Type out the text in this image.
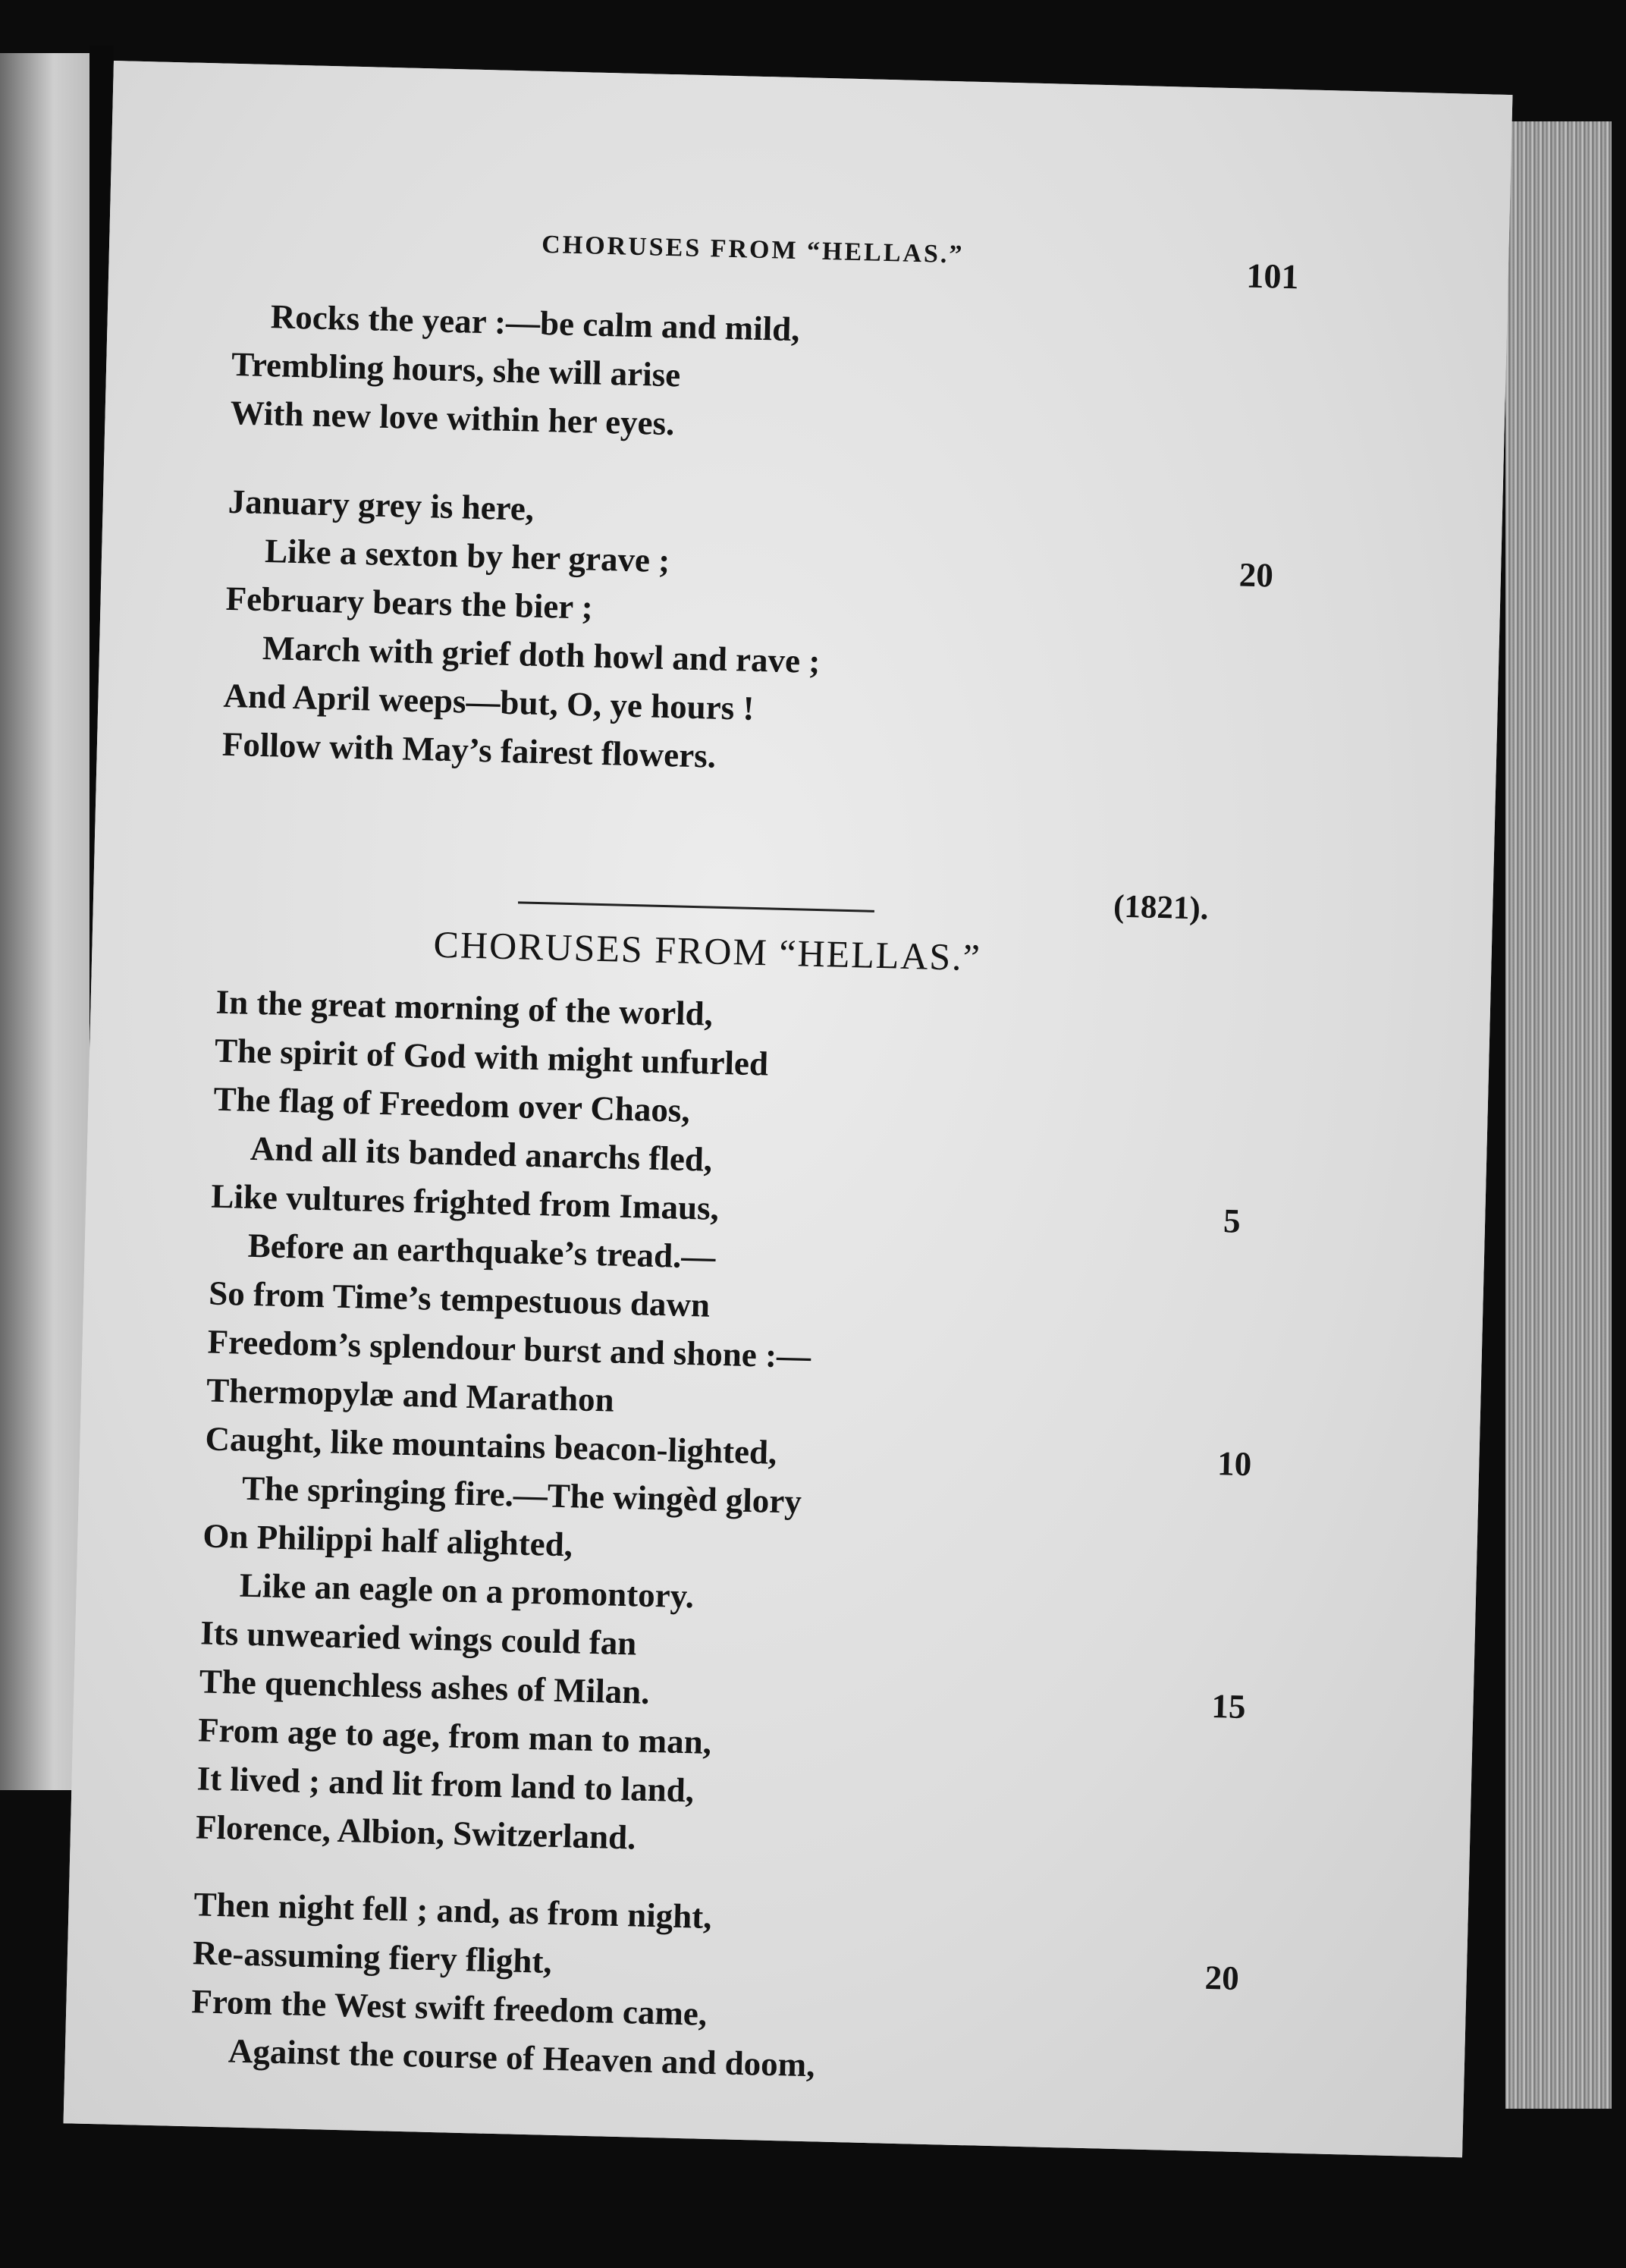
CHORUSES FROM “HELLAS.”
101
Rocks the year :—be calm and mild,
Trembling hours, she will arise
With new love within her eyes.
January grey is here,
Like a sexton by her grave ;	20
February bears the bier ;
March with grief doth howl and rave ;
And April weeps—but, O, ye hours !
Follow with May’s fairest flowers.
(1821).
CHORUSES FROM “HELLAS.”
In the great morning of the world,
The spirit of God with might unfurled
The flag of Freedom over Chaos,
And all its banded anarchs fled,
Like vultures frighted from Imaus,	5
Before an earthquake’s tread.—
So from Time’s tempestuous dawn
Freedom’s splendour burst and shone :—
Thermopylæ and Marathon
Caught, like mountains beacon-lighted,	10
The springing fire.—The wingèd glory
On Philippi half alighted,
Like an eagle on a promontory.
Its unwearied wings could fan
The quenchless ashes of Milan.	15
From age to age, from man to man,
It lived ; and lit from land to land,
Florence, Albion, Switzerland.
Then night fell ; and, as from night,
Re-assuming fiery flight,	20
From the West swift freedom came,
Against the course of Heaven and doom,
